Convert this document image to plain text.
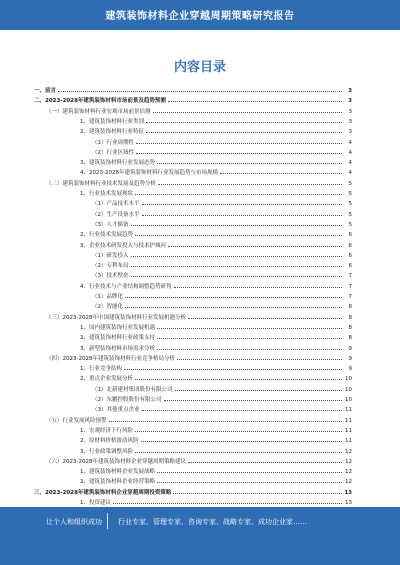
建筑装饰材料企业穿越周期策略研究报告
内容目录
一、前言	3
二、2023-2028年建筑装饰材料市场前景及趋势预测	3
（一）建筑装饰材料行业宏观市场前景估测	3
1、建筑装饰材料行业类别	3
2、建筑装饰材料行业特征	3
（1）行业周期性	4
（2）行业区域性	4
3、建筑装饰材料行业发展态势	4
4、2023-2028年建筑装饰材料行业发展趋势与市场规模	4
（二）建筑装饰材料行业技术发展及趋势分析	5
1、行业技术发展现状	5
（1）产品技术水平	5
（2）生产设备水平	5
（3）人才储备	5
2、行业技术发展趋势	6
3、企业技术研发投入与技术护城河	6
（1）研发投入	6
（2）专利布局	6
（3）技术壁垒	7
4、行业技术与产业结构调整趋势研判	7
（1）品牌化	7
（2）智能化	8
（三）2023-2028年中国建筑装饰材料行业发展机遇分析	8
1、国内建筑装饰行业发展机遇	8
2、建筑装饰材料行业政策支持	8
3、新型装饰材料市场需求分析	9
（四）2023-2028年建筑装饰材料行业竞争格局分析	9
1、行业竞争结构	9
2、重点企业发展分析	10
（1）北新建材集团股份有限公司	10
（2）东鹏控股股份有限公司	10
（3）其他重点企业	11
（五）行业发展风险预警	11
1、宏观经济下行风险	11
2、原材料价格波动风险	11
3、行业政策调整风险	12
（六）2023-2028年建筑装饰材料企业穿越周期策略建议	12
1、建筑装饰材料企业发展战略	12
2、建筑装饰材料企业经营策略	12
三、2023-2028年建筑装饰材料企业穿越周期投资策略	13
1、投资建议	13
让个人和组织成功 行业专家、管理专家、咨询专家、战略专家、成功企业家……
